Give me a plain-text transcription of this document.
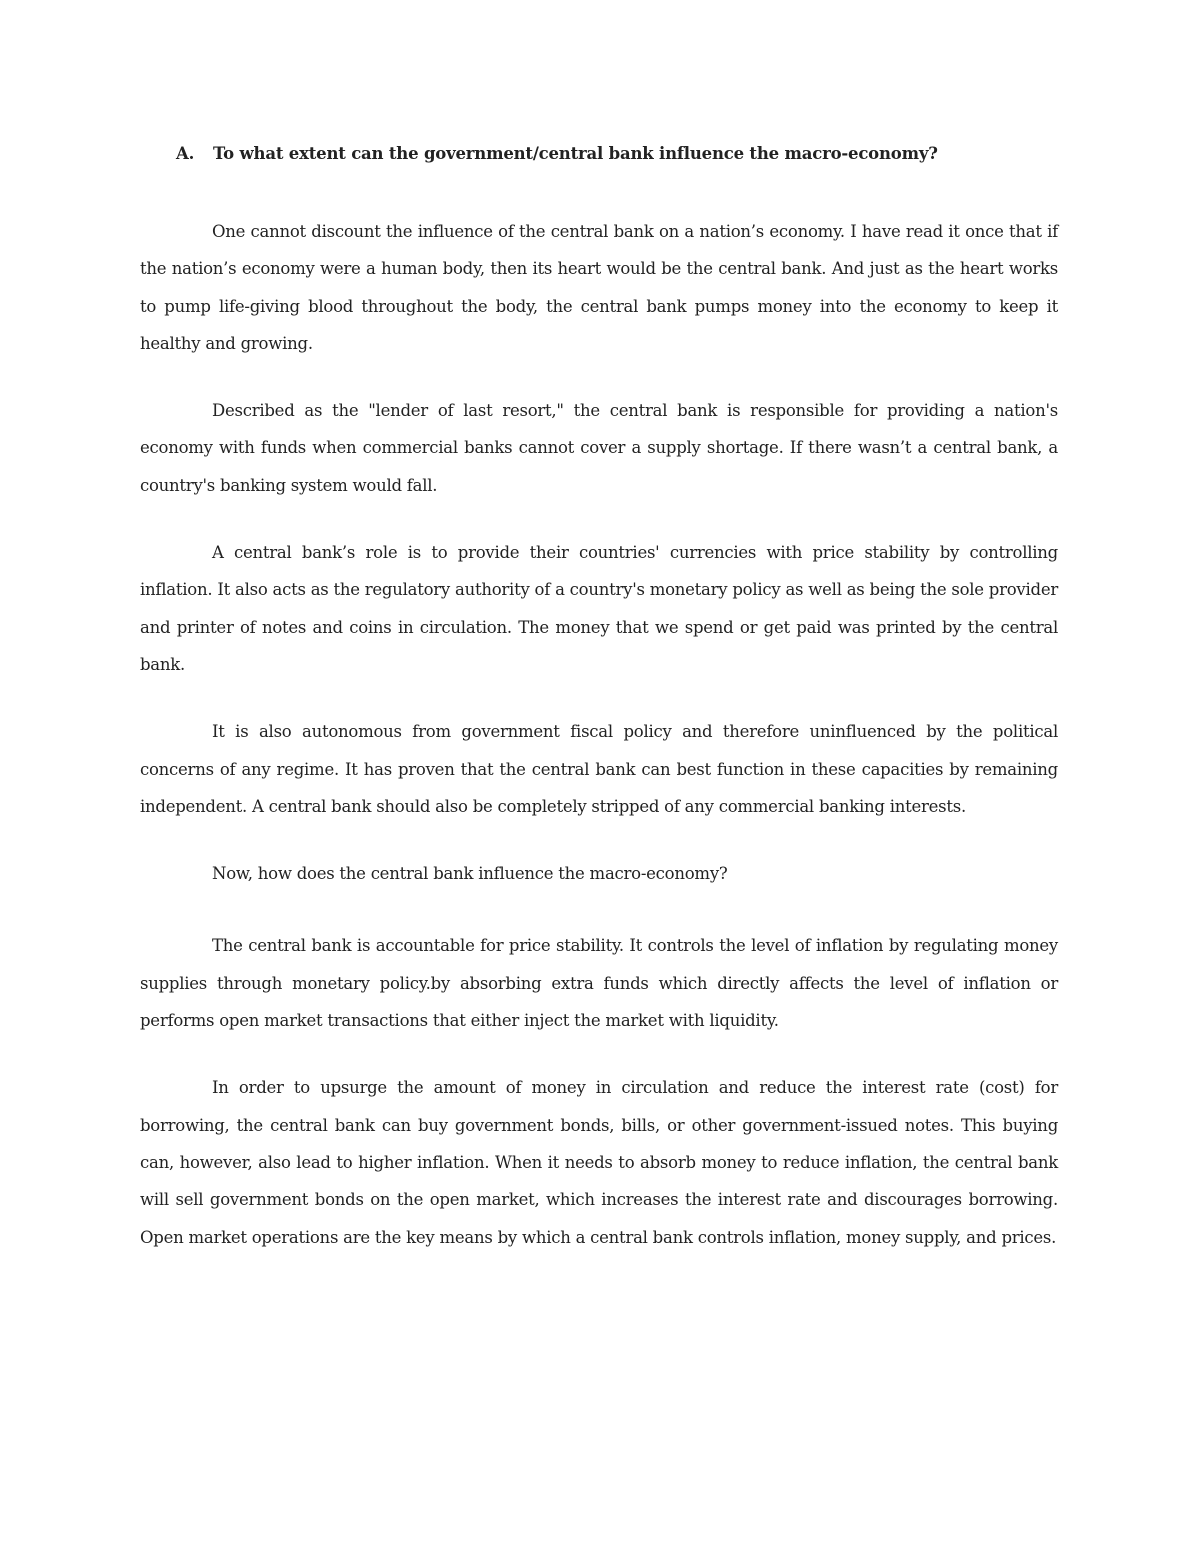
A. To what extent can the government/central bank influence the macro-economy?

One cannot discount the influence of the central bank on a nation’s economy. I have read it once that if the nation’s economy were a human body, then its heart would be the central bank. And just as the heart works to pump life-giving blood throughout the body, the central bank pumps money into the economy to keep it healthy and growing.

Described as the "lender of last resort," the central bank is responsible for providing a nation's economy with funds when commercial banks cannot cover a supply shortage. If there wasn’t a central bank, a country's banking system would fall.

A central bank’s role is to provide their countries' currencies with price stability by controlling inflation. It also acts as the regulatory authority of a country's monetary policy as well as being the sole provider and printer of notes and coins in circulation. The money that we spend or get paid was printed by the central bank.

It is also autonomous from government fiscal policy and therefore uninfluenced by the political concerns of any regime. It has proven that the central bank can best function in these capacities by remaining independent. A central bank should also be completely stripped of any commercial banking interests.

Now, how does the central bank influence the macro-economy?

The central bank is accountable for price stability. It controls the level of inflation by regulating money supplies through monetary policy.by absorbing extra funds which directly affects the level of inflation or performs open market transactions that either inject the market with liquidity.

In order to upsurge the amount of money in circulation and reduce the interest rate (cost) for borrowing, the central bank can buy government bonds, bills, or other government-issued notes. This buying can, however, also lead to higher inflation. When it needs to absorb money to reduce inflation, the central bank will sell government bonds on the open market, which increases the interest rate and discourages borrowing. Open market operations are the key means by which a central bank controls inflation, money supply, and prices.
